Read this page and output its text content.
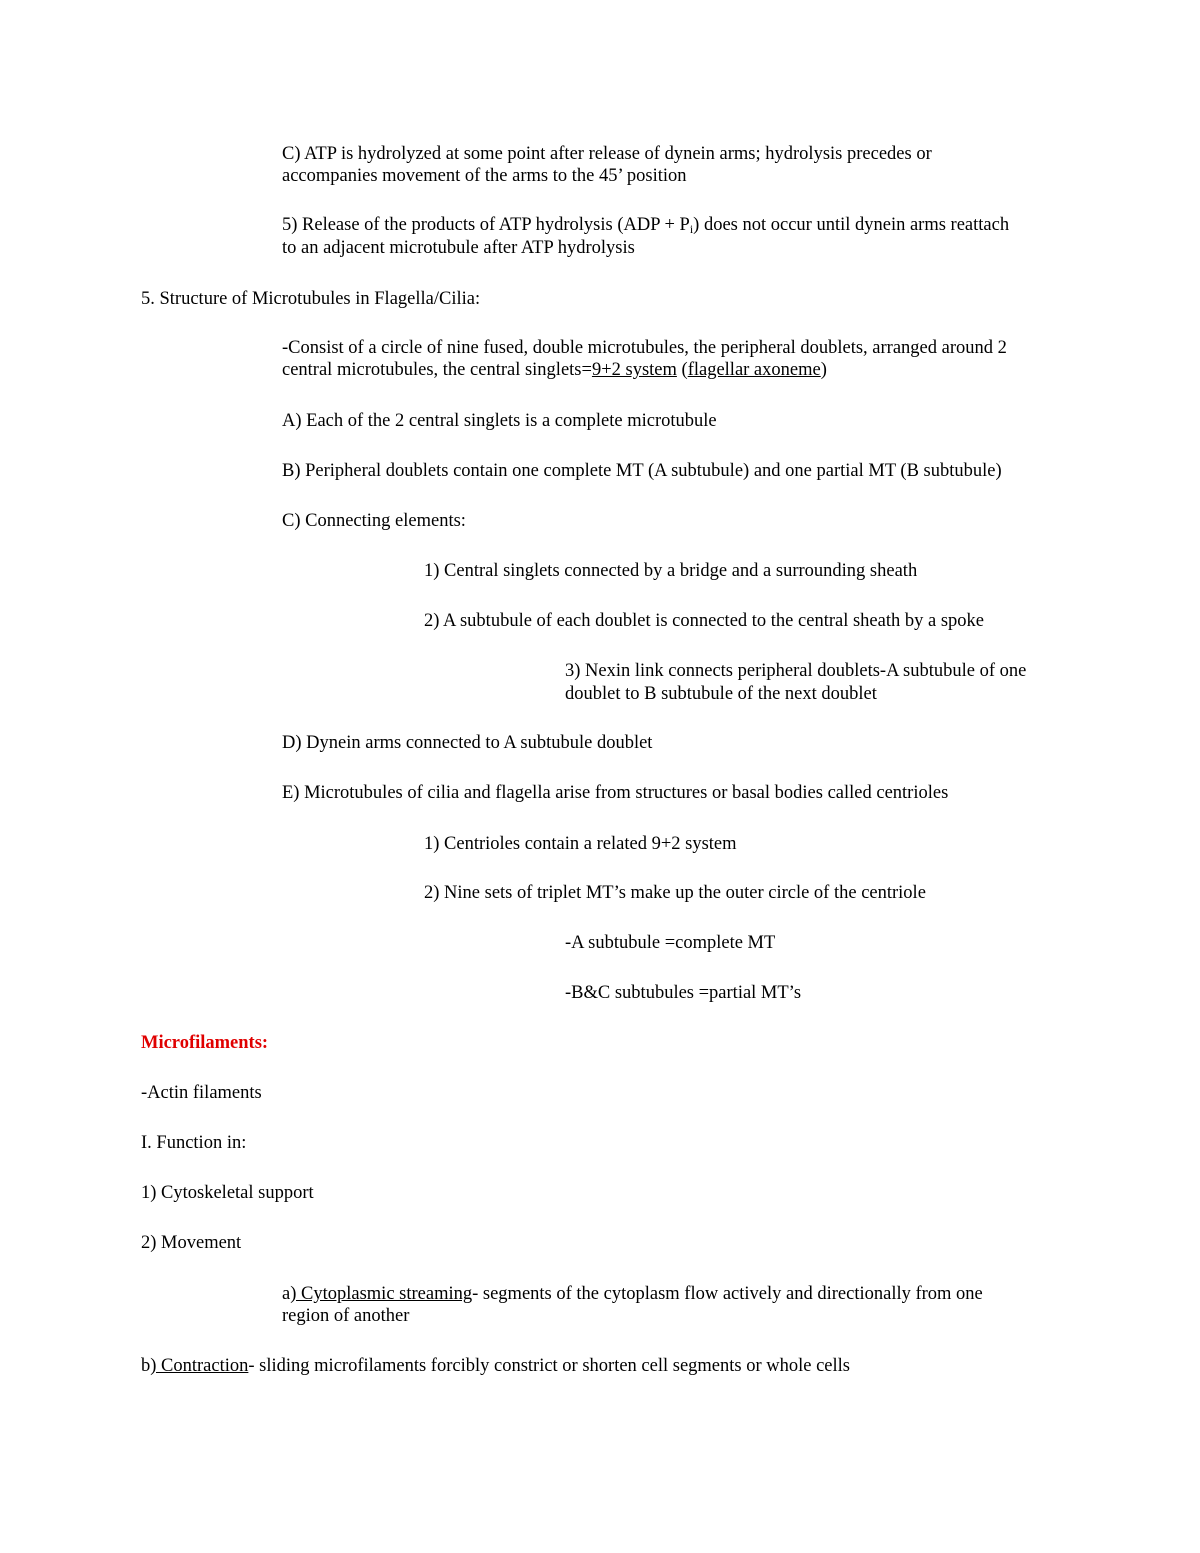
C) ATP is hydrolyzed at some point after release of dynein arms; hydrolysis precedes or

accompanies movement of the arms to the 45’ position

5) Release of the products of ATP hydrolysis $(ADP + P_i)$ does not occur until dynein arms reattach

to an adjacent microtubule after ATP hydrolysis

5. Structure of Microtubules in Flagella/Cilia:

-Consist of a circle of nine fused, double microtubules, the peripheral doublets, arranged around 2

central microtubules, the central singlets=9+2 system (flagellar axoneme)

A) Each of the 2 central singlets is a complete microtubule

B) Peripheral doublets contain one complete MT (A subtubule) and one partial MT (B subtubule)

C) Connecting elements:

1) Central singlets connected by a bridge and a surrounding sheath

2) A subtubule of each doublet is connected to the central sheath by a spoke

3) Nexin link connects peripheral doublets-A subtubule of one

doublet to B subtubule of the next doublet

D) Dynein arms connected to A subtubule doublet

E) Microtubules of cilia and flagella arise from structures or basal bodies called centrioles

1) Centrioles contain a related 9+2 system

2) Nine sets of triplet MT’s make up the outer circle of the centriole

-A subtubule =complete MT

-B&C subtubules =partial MT’s

Microfilaments:

-Actin filaments

I. Function in:

1) Cytoskeletal support

2) Movement

a) Cytoplasmic streaming- segments of the cytoplasm flow actively and directionally from one

region of another

b) Contraction- sliding microfilaments forcibly constrict or shorten cell segments or whole cells
